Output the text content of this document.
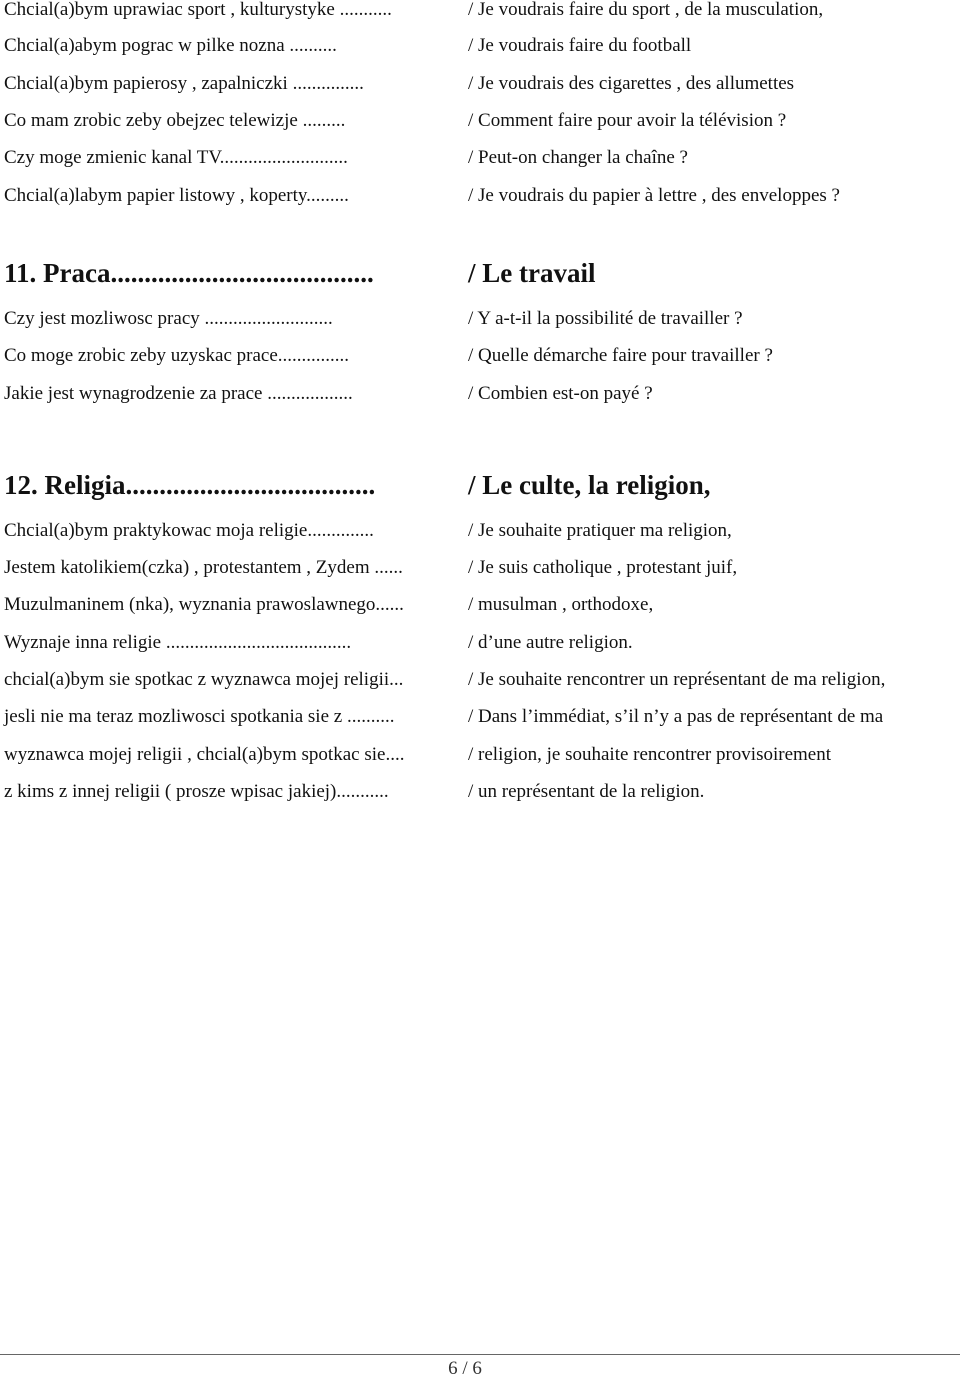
Chcial(a)bym uprawiac sport , kulturystyke ...........	/ Je voudrais faire du sport , de la musculation,
Chcial(a)abym pograc w pilke nozna ..........	/ Je voudrais faire du football
Chcial(a)bym papierosy , zapalniczki ...............	/ Je voudrais des cigarettes , des allumettes
Co mam zrobic zeby obejzec telewizje .........	/ Comment faire pour avoir la télévision ?
Czy moge zmienic kanal TV...........................	/ Peut-on changer la chaîne ?
Chcial(a)labym papier listowy , koperty.........	/ Je voudrais du papier à lettre , des enveloppes ?
11. Praca.......................................	/ Le travail
Czy jest mozliwosc pracy ...........................	/ Y a-t-il la possibilité de travailler ?
Co moge zrobic zeby uzyskac prace...............	/ Quelle démarche faire pour travailler ?
Jakie jest wynagrodzenie za prace ..................	/ Combien est-on payé ?
12. Religia.....................................	/ Le culte, la religion,
Chcial(a)bym praktykowac moja religie..............	/ Je souhaite pratiquer ma religion,
Jestem katolikiem(czka) , protestantem , Zydem ......	/ Je suis catholique , protestant juif,
Muzulmaninem (nka), wyznania prawoslawnego......	/ musulman , orthodoxe,
Wyznaje inna religie .......................................	/ d’une autre religion.
chcial(a)bym sie spotkac z wyznawca mojej religii...	/ Je souhaite rencontrer un représentant de ma religion,
jesli nie ma teraz mozliwosci spotkania sie z ..........	/ Dans l’immédiat, s’il n’y a pas de représentant de ma
wyznawca mojej religii , chcial(a)bym spotkac sie....	/ religion, je souhaite rencontrer provisoirement
z kims z innej religii ( prosze wpisac jakiej)...........	/ un représentant de la religion.
6 / 6
